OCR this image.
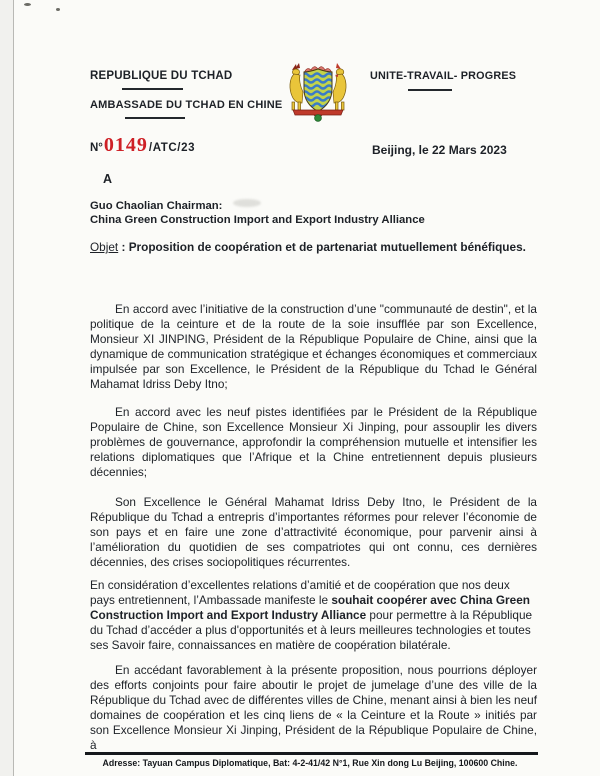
REPUBLIQUE DU TCHAD
AMBASSADE DU TCHAD EN CHINE
UNITE-TRAVAIL- PROGRES
N° 0149 /ATC/23	Beijing, le 22 Mars 2023
A
Guo Chaolian Chairman:
China Green Construction Import and Export Industry Alliance
Objet : Proposition de coopération et de partenariat mutuellement bénéfiques.

En accord avec l’initiative de la construction d’une "communauté de destin", et la politique de la ceinture et de la route de la soie insufflée par son Excellence, Monsieur XI JINPING, Président de la République Populaire de Chine, ainsi que la dynamique de communication stratégique et échanges économiques et commerciaux impulsée par son Excellence, le Président de la République du Tchad le Général Mahamat Idriss Deby Itno;

En accord avec les neuf pistes identifiées par le Président de la République Populaire de Chine, son Excellence Monsieur Xi Jinping, pour assouplir les divers problèmes de gouvernance, approfondir la compréhension mutuelle et intensifier les relations diplomatiques que l’Afrique et la Chine entretiennent depuis plusieurs décennies;

Son Excellence le Général Mahamat Idriss Deby Itno, le Président de la République du Tchad a entrepris d’importantes réformes pour relever l’économie de son pays et en faire une zone d’attractivité économique, pour parvenir ainsi à l’amélioration du quotidien de ses compatriotes qui ont connu, ces dernières décennies, des crises sociopolitiques récurrentes.

En considération d’excellentes relations d’amitié et de coopération que nos deux pays entretiennent, l’Ambassade manifeste le souhait coopérer avec China Green Construction Import and Export Industry Alliance pour permettre à la République du Tchad d’accéder a plus d'opportunités et à leurs meilleures technologies et toutes ses Savoir faire, connaissances en matière de coopération bilatérale.

En accédant favorablement à la présente proposition, nous pourrions déployer des efforts conjoints pour faire aboutir le projet de jumelage d’une des ville de la République du Tchad avec de différentes villes de Chine, menant ainsi à bien les neuf domaines de coopération et les cinq liens de « la Ceinture et la Route » initiés par son Excellence Monsieur Xi Jinping, Président de la République Populaire de Chine, à

Adresse: Tayuan Campus Diplomatique, Bat: 4-2-41/42 N°1, Rue Xin dong Lu Beijing, 100600 Chine.
